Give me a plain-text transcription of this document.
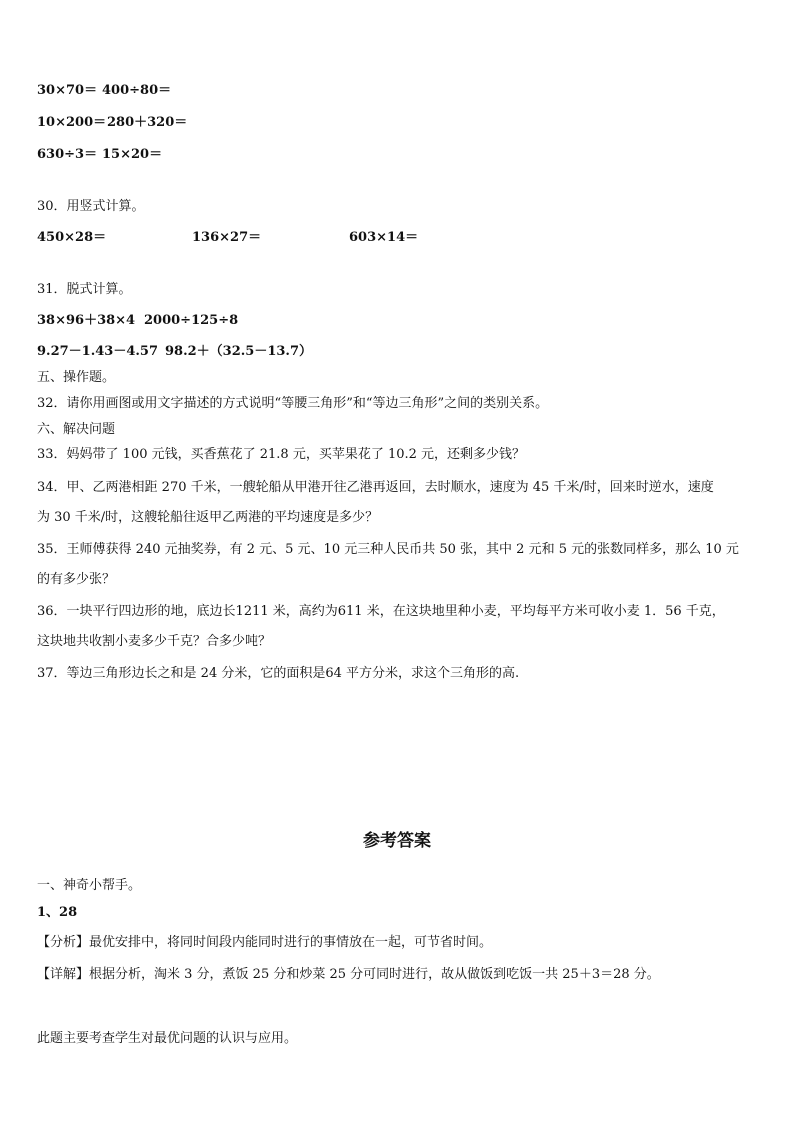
30×70＝ 400÷80＝
10×200＝ 280＋320＝
630÷3＝ 15×20＝
30．用竖式计算。
450×28＝	136×27＝	603×14＝
31．脱式计算。
38×96＋38×4 2000÷125÷8
9.27－1.43－4.57 98.2＋（32.5－13.7）
五、操作题。
32．请你用画图或用文字描述的方式说明“等腰三角形”和“等边三角形”之间的类别关系。
六、解决问题
33．妈妈带了 100 元钱，买香蕉花了 21.8 元，买苹果花了 10.2 元，还剩多少钱？
34．甲、乙两港相距 270 千米，一艘轮船从甲港开往乙港再返回，去时顺水，速度为 45 千米/时，回来时逆水，速度
为 30 千米/时，这艘轮船往返甲乙两港的平均速度是多少？
35．王师傅获得 240 元抽奖券，有 2 元、5 元、10 元三种人民币共 50 张，其中 2 元和 5 元的张数同样多，那么 10 元
的有多少张？
36．一块平行四边形的地，底边长1211 米，高约为611 米，在这块地里种小麦，平均每平方米可收小麦 1．56 千克，
这块地共收割小麦多少千克？合多少吨？
37．等边三角形边长之和是 24 分米，它的面积是64 平方分米，求这个三角形的高.
参考答案
一、神奇小帮手。
1、28
【分析】最优安排中，将同时间段内能同时进行的事情放在一起，可节省时间。
【详解】根据分析，淘米 3 分，煮饭 25 分和炒菜 25 分可同时进行，故从做饭到吃饭一共 25＋3＝28 分。
此题主要考查学生对最优问题的认识与应用。
